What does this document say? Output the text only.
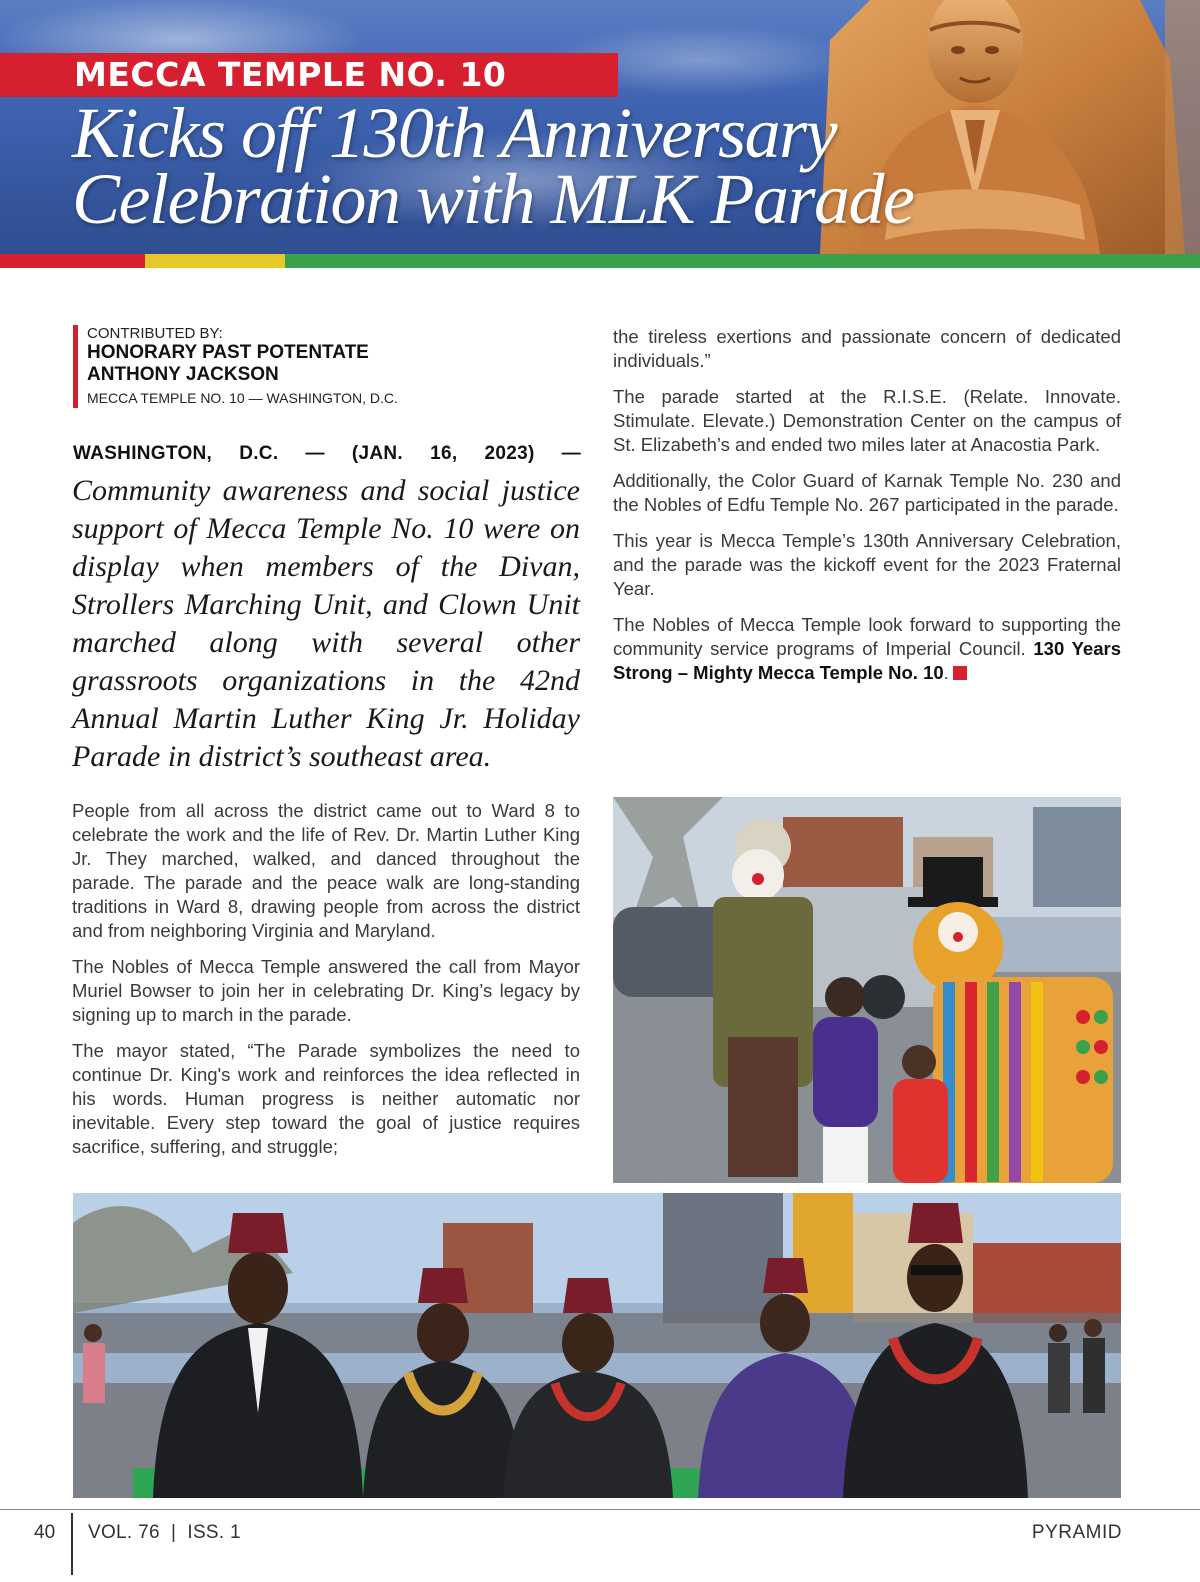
MECCA TEMPLE NO. 10
Kicks off 130th Anniversary
Celebration with MLK Parade
CONTRIBUTED BY:
HONORARY PAST POTENTATE
ANTHONY JACKSON
MECCA TEMPLE NO. 10 — WASHINGTON, D.C.
WASHINGTON, D.C. — (JAN. 16, 2023) —

Community awareness and social justice support of Mecca Temple No. 10 were on display when members of the Divan, Strollers Marching Unit, and Clown Unit marched along with several other grassroots organizations in the 42nd Annual Martin Luther King Jr. Holiday Parade in district’s southeast area.

People from all across the district came out to Ward 8 to celebrate the work and the life of Rev. Dr. Martin Luther King Jr. They marched, walked, and danced throughout the parade. The parade and the peace walk are long-standing traditions in Ward 8, drawing people from across the district and from neighboring Virginia and Maryland.

The Nobles of Mecca Temple answered the call from Mayor Muriel Bowser to join her in celebrating Dr. King’s legacy by signing up to march in the parade.

The mayor stated, “The Parade symbolizes the need to continue Dr. King's work and reinforces the idea reflected in his words. Human progress is neither automatic nor inevitable. Every step toward the goal of justice requires sacrifice, suffering, and struggle;

the tireless exertions and passionate concern of dedicated individuals.”

The parade started at the R.I.S.E. (Relate. Innovate. Stimulate. Elevate.) Demonstration Center on the campus of St. Elizabeth’s and ended two miles later at Anacostia Park.

Additionally, the Color Guard of Karnak Temple No. 230 and the Nobles of Edfu Temple No. 267 participated in the parade.

This year is Mecca Temple’s 130th Anniversary Celebration, and the parade was the kickoff event for the 2023 Fraternal Year.

The Nobles of Mecca Temple look forward to supporting the community service programs of Imperial Council. 130 Years Strong – Mighty Mecca Temple No. 10.

40 VOL. 76  |  ISS. 1	PYRAMID
